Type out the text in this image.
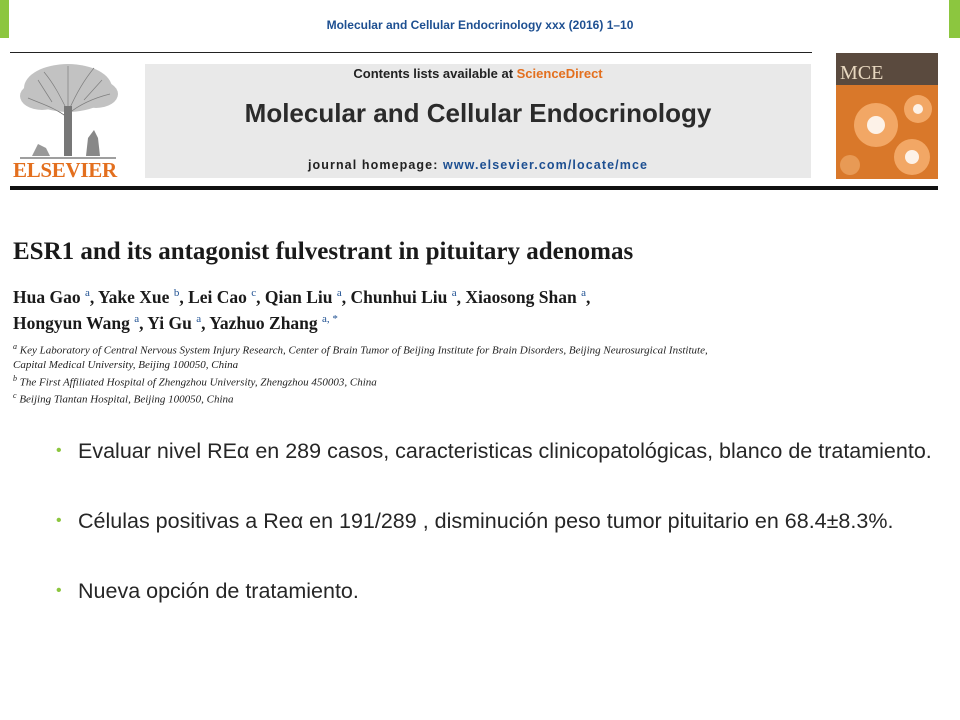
Molecular and Cellular Endocrinology xxx (2016) 1–10
ELSEVIER
Contents lists available at ScienceDirect
Molecular and Cellular Endocrinology
journal homepage: www.elsevier.com/locate/mce
MCE
ESR1 and its antagonist fulvestrant in pituitary adenomas
Hua Gao $^a$, Yake Xue $^b$, Lei Cao $^c$, Qian Liu $^a$, Chunhui Liu $^a$, Xiaosong Shan $^a$,
Hongyun Wang $^a$, Yi Gu $^a$, Yazhuo Zhang $^{a, *}$
$^a$ Key Laboratory of Central Nervous System Injury Research, Center of Brain Tumor of Beijing Institute for Brain Disorders, Beijing Neurosurgical Institute,
Capital Medical University, Beijing 100050, China
$^b$ The First Affiliated Hospital of Zhengzhou University, Zhengzhou 450003, China
$^c$ Beijing Tiantan Hospital, Beijing 100050, China
• Evaluar nivel REα en 289 casos, caracteristicas clinicopatológicas, blanco de tratamiento.
• Células positivas a Reα en 191/289 , disminución peso tumor pituitario en 68.4±8.3%.
• Nueva opción de tratamiento.
